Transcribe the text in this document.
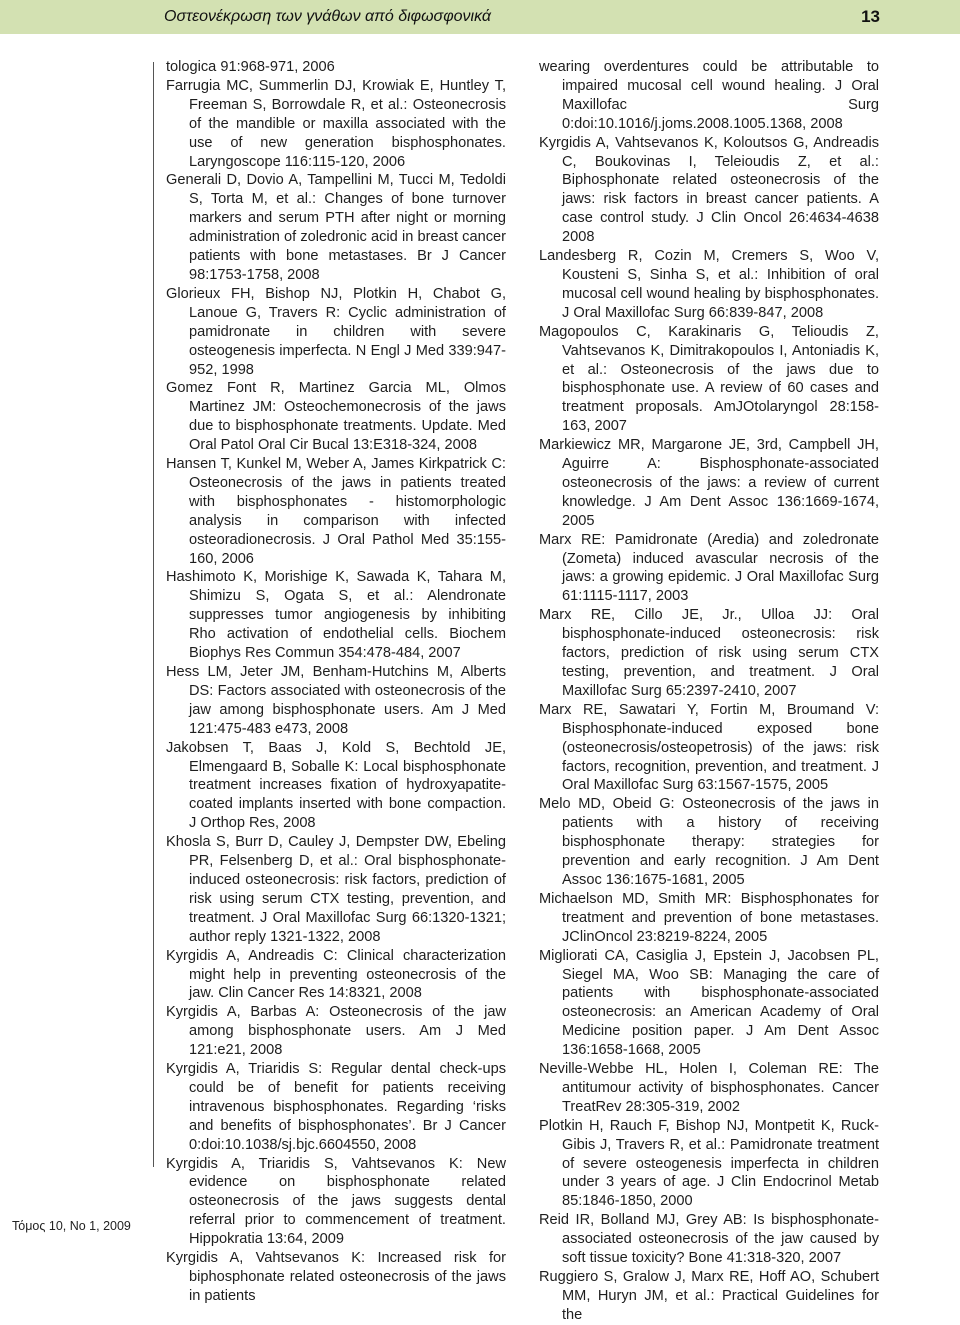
Οστεονέκρωση των γνάθων από διφωσφονικά	13

tologica 91:968-971, 2006

Farrugia MC, Summerlin DJ, Krowiak E, Huntley T, Freeman S, Borrowdale R, et al.: Osteonecrosis of the mandible or maxilla associated with the use of new generation bisphosphonates. Laryngoscope 116:115-120, 2006

Generali D, Dovio A, Tampellini M, Tucci M, Tedoldi S, Torta M, et al.: Changes of bone turnover markers and serum PTH after night or morning administration of zoledronic acid in breast cancer patients with bone metastases. Br J Cancer 98:1753-1758, 2008

Glorieux FH, Bishop NJ, Plotkin H, Chabot G, Lanoue G, Travers R: Cyclic administration of pamidronate in children with severe osteogenesis imperfecta. N Engl J Med 339:947-952, 1998

Gomez Font R, Martinez Garcia ML, Olmos Martinez JM: Osteochemonecrosis of the jaws due to bisphosphonate treatments. Update. Med Oral Patol Oral Cir Bucal 13:E318-324, 2008

Hansen T, Kunkel M, Weber A, James Kirkpatrick C: Osteonecrosis of the jaws in patients treated with bisphosphonates - histomorphologic analysis in comparison with infected osteoradionecrosis. J Oral Pathol Med 35:155-160, 2006

Hashimoto K, Morishige K, Sawada K, Tahara M, Shimizu S, Ogata S, et al.: Alendronate suppresses tumor angiogenesis by inhibiting Rho activation of endothelial cells. Biochem Biophys Res Commun 354:478-484, 2007

Hess LM, Jeter JM, Benham-Hutchins M, Alberts DS: Factors associated with osteonecrosis of the jaw among bisphosphonate users. Am J Med 121:475-483 e473, 2008

Jakobsen T, Baas J, Kold S, Bechtold JE, Elmengaard B, Soballe K: Local bisphosphonate treatment increases fixation of hydroxyapatite-coated implants inserted with bone compaction. J Orthop Res, 2008

Khosla S, Burr D, Cauley J, Dempster DW, Ebeling PR, Felsenberg D, et al.: Oral bisphosphonate-induced osteonecrosis: risk factors, prediction of risk using serum CTX testing, prevention, and treatment. J Oral Maxillofac Surg 66:1320-1321; author reply 1321-1322, 2008

Kyrgidis A, Andreadis C: Clinical characterization might help in preventing osteonecrosis of the jaw. Clin Cancer Res 14:8321, 2008

Kyrgidis A, Barbas A: Osteonecrosis of the jaw among bisphosphonate users. Am J Med 121:e21, 2008

Kyrgidis A, Triaridis S: Regular dental check-ups could be of benefit for patients receiving intravenous bisphosphonates. Regarding ‘risks and benefits of bisphosphonates’. Br J Cancer 0:doi:10.1038/sj.bjc.6604550, 2008

Kyrgidis A, Triaridis S, Vahtsevanos K: New evidence on bisphosphonate related osteonecrosis of the jaws suggests dental referral prior to commencement of treatment. Hippokratia 13:64, 2009

Kyrgidis A, Vahtsevanos K: Increased risk for biphosphonate related osteonecrosis of the jaws in patients

wearing overdentures could be attributable to impaired mucosal cell wound healing. J Oral Maxillofac Surg 0:doi:10.1016/j.joms.2008.1005.1368, 2008

Kyrgidis A, Vahtsevanos K, Koloutsos G, Andreadis C, Boukovinas I, Teleioudis Z, et al.: Biphosphonate related osteonecrosis of the jaws: risk factors in breast cancer patients. A case control study. J Clin Oncol 26:4634-4638 2008

Landesberg R, Cozin M, Cremers S, Woo V, Kousteni S, Sinha S, et al.: Inhibition of oral mucosal cell wound healing by bisphosphonates. J Oral Maxillofac Surg 66:839-847, 2008

Magopoulos C, Karakinaris G, Telioudis Z, Vahtsevanos K, Dimitrakopoulos I, Antoniadis K, et al.: Osteonecrosis of the jaws due to bisphosphonate use. A review of 60 cases and treatment proposals. AmJOtolaryngol 28:158-163, 2007

Markiewicz MR, Margarone JE, 3rd, Campbell JH, Aguirre A: Bisphosphonate-associated osteonecrosis of the jaws: a review of current knowledge. J Am Dent Assoc 136:1669-1674, 2005

Marx RE: Pamidronate (Aredia) and zoledronate (Zometa) induced avascular necrosis of the jaws: a growing epidemic. J Oral Maxillofac Surg 61:1115-1117, 2003

Marx RE, Cillo JE, Jr., Ulloa JJ: Oral bisphosphonate-induced osteonecrosis: risk factors, prediction of risk using serum CTX testing, prevention, and treatment. J Oral Maxillofac Surg 65:2397-2410, 2007

Marx RE, Sawatari Y, Fortin M, Broumand V: Bisphosphonate-induced exposed bone (osteonecrosis/osteopetrosis) of the jaws: risk factors, recognition, prevention, and treatment. J Oral Maxillofac Surg 63:1567-1575, 2005

Melo MD, Obeid G: Osteonecrosis of the jaws in patients with a history of receiving bisphosphonate therapy: strategies for prevention and early recognition. J Am Dent Assoc 136:1675-1681, 2005

Michaelson MD, Smith MR: Bisphosphonates for treatment and prevention of bone metastases. JClinOncol 23:8219-8224, 2005

Migliorati CA, Casiglia J, Epstein J, Jacobsen PL, Siegel MA, Woo SB: Managing the care of patients with bisphosphonate-associated osteonecrosis: an American Academy of Oral Medicine position paper. J Am Dent Assoc 136:1658-1668, 2005

Neville-Webbe HL, Holen I, Coleman RE: The antitumour activity of bisphosphonates. Cancer TreatRev 28:305-319, 2002

Plotkin H, Rauch F, Bishop NJ, Montpetit K, Ruck-Gibis J, Travers R, et al.: Pamidronate treatment of severe osteogenesis imperfecta in children under 3 years of age. J Clin Endocrinol Metab 85:1846-1850, 2000

Reid IR, Bolland MJ, Grey AB: Is bisphosphonate-associated osteonecrosis of the jaw caused by soft tissue toxicity? Bone 41:318-320, 2007

Ruggiero S, Gralow J, Marx RE, Hoff AO, Schubert MM, Huryn JM, et al.: Practical Guidelines for the

Τόμος 10, No 1, 2009
